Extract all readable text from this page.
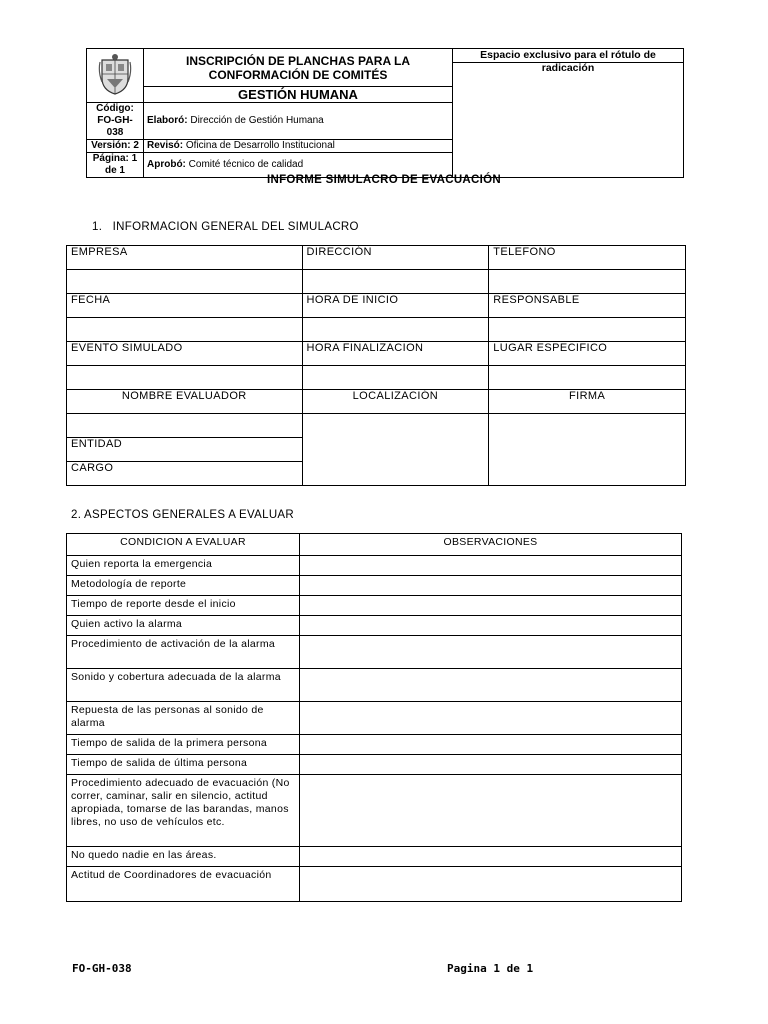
	INSCRIPCIÓN DE PLANCHAS PARA LA CONFORMACIÓN DE COMITÉS	Espacio exclusivo para el rótulo de radicación

	GESTIÓN HUMANA	
Código: FO-GH-038	Elaboró: Dirección de Gestión Humana	
Versión: 2	Revisó: Oficina de Desarrollo Institucional	
Página: 1 de 1	Aprobó: Comité técnico de calidad	
INFORME SIMULACRO DE EVACUACIÓN
1.   INFORMACION GENERAL DEL SIMULACRO
EMPRESA	DIRECCIÓN	TELEFONO

FECHA	HORA DE INICIO	RESPONSABLE

EVENTO SIMULADO	HORA FINALIZACION	LUGAR ESPECIFICO

NOMBRE EVALUADOR	LOCALIZACIÓN	FIRMA

ENTIDAD		
CARGO		
2. ASPECTOS GENERALES A EVALUAR
CONDICION A EVALUAR	OBSERVACIONES
Quien reporta la emergencia	
Metodología de reporte	
Tiempo de reporte desde el inicio	
Quien activo la alarma	
Procedimiento de activación de la alarma	
Sonido y cobertura adecuada de la alarma	
Repuesta de las personas al sonido de alarma	
Tiempo de salida de la primera persona	
Tiempo de salida de última persona	
Procedimiento adecuado de evacuación (No correr, caminar, salir en silencio, actitud apropiada, tomarse de las barandas, manos libres, no uso de vehículos etc.	
No quedo nadie en las áreas.	
Actitud de Coordinadores de evacuación	
FO-GH-038	Pagina 1 de 1
